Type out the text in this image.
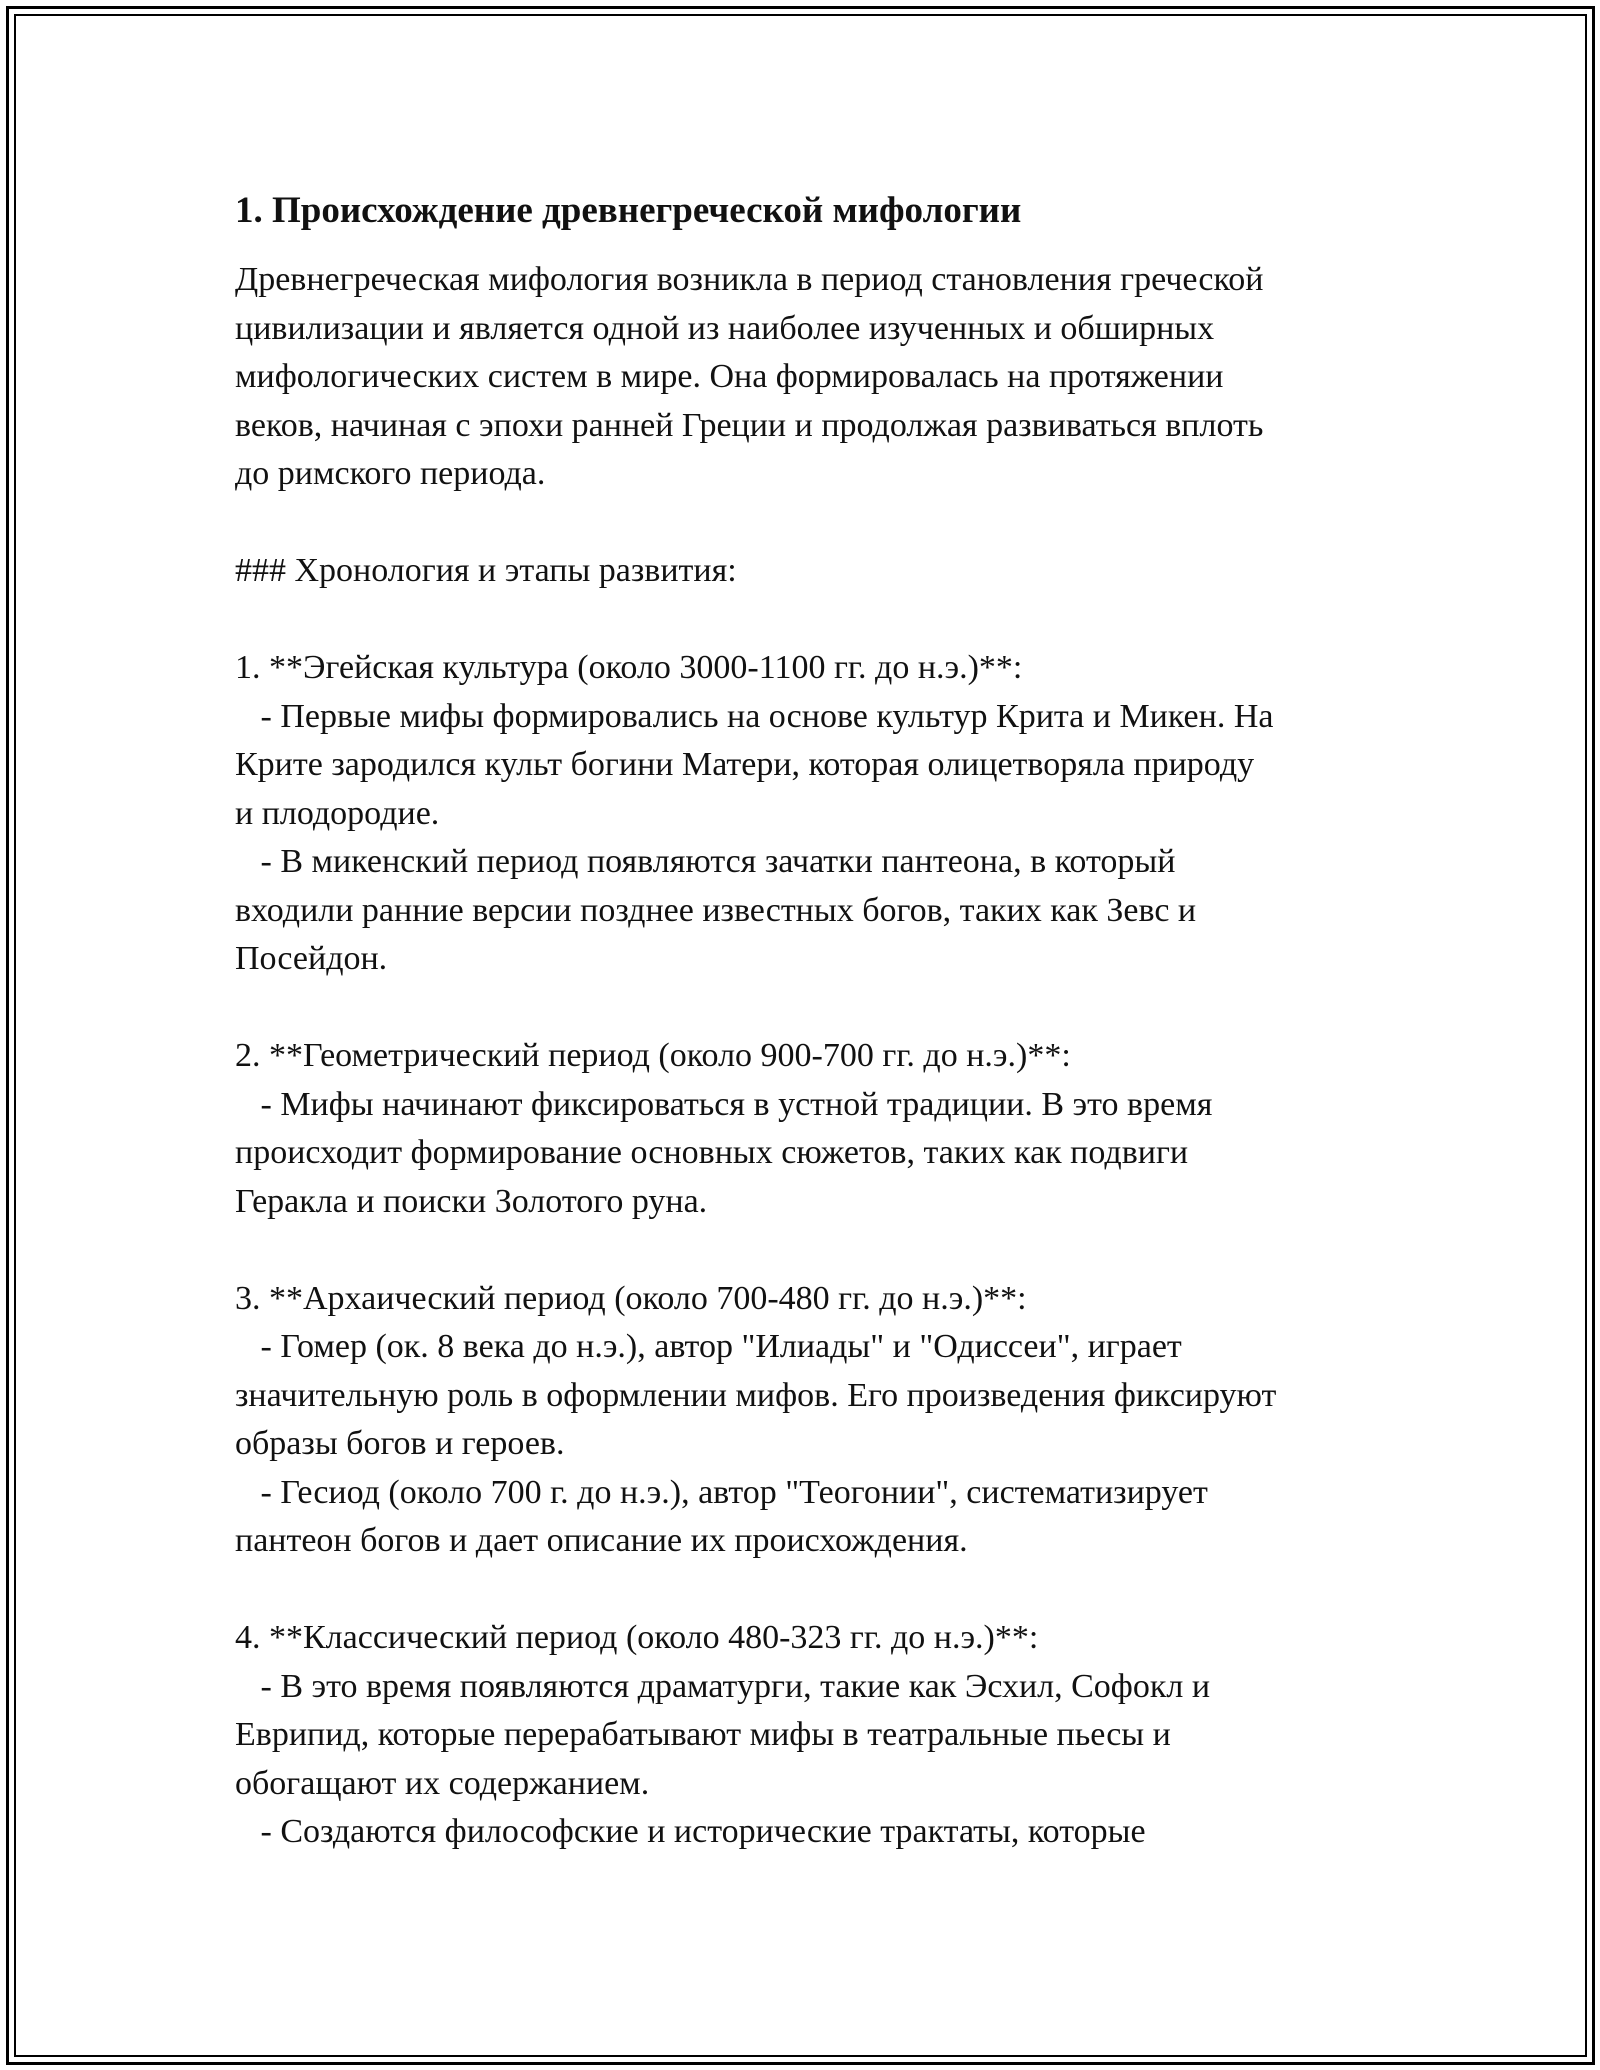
1. Происхождение древнегреческой мифологии
Древнегреческая мифология возникла в период становления греческой
цивилизации и является одной из наиболее изученных и обширных
мифологических систем в мире. Она формировалась на протяжении
веков, начиная с эпохи ранней Греции и продолжая развиваться вплоть
до римского периода.
### Хронология и этапы развития:
1. **Эгейская культура (около 3000-1100 гг. до н.э.)**:
- Первые мифы формировались на основе культур Крита и Микен. На
Крите зародился культ богини Матери, которая олицетворяла природу
и плодородие.
- В микенский период появляются зачатки пантеона, в который
входили ранние версии позднее известных богов, таких как Зевс и
Посейдон.
2. **Геометрический период (около 900-700 гг. до н.э.)**:
- Мифы начинают фиксироваться в устной традиции. В это время
происходит формирование основных сюжетов, таких как подвиги
Геракла и поиски Золотого руна.
3. **Архаический период (около 700-480 гг. до н.э.)**:
- Гомер (ок. 8 века до н.э.), автор "Илиады" и "Одиссеи", играет
значительную роль в оформлении мифов. Его произведения фиксируют
образы богов и героев.
- Гесиод (около 700 г. до н.э.), автор "Теогонии", систематизирует
пантеон богов и дает описание их происхождения.
4. **Классический период (около 480-323 гг. до н.э.)**:
- В это время появляются драматурги, такие как Эсхил, Софокл и
Еврипид, которые перерабатывают мифы в театральные пьесы и
обогащают их содержанием.
- Создаются философские и исторические трактаты, которые
